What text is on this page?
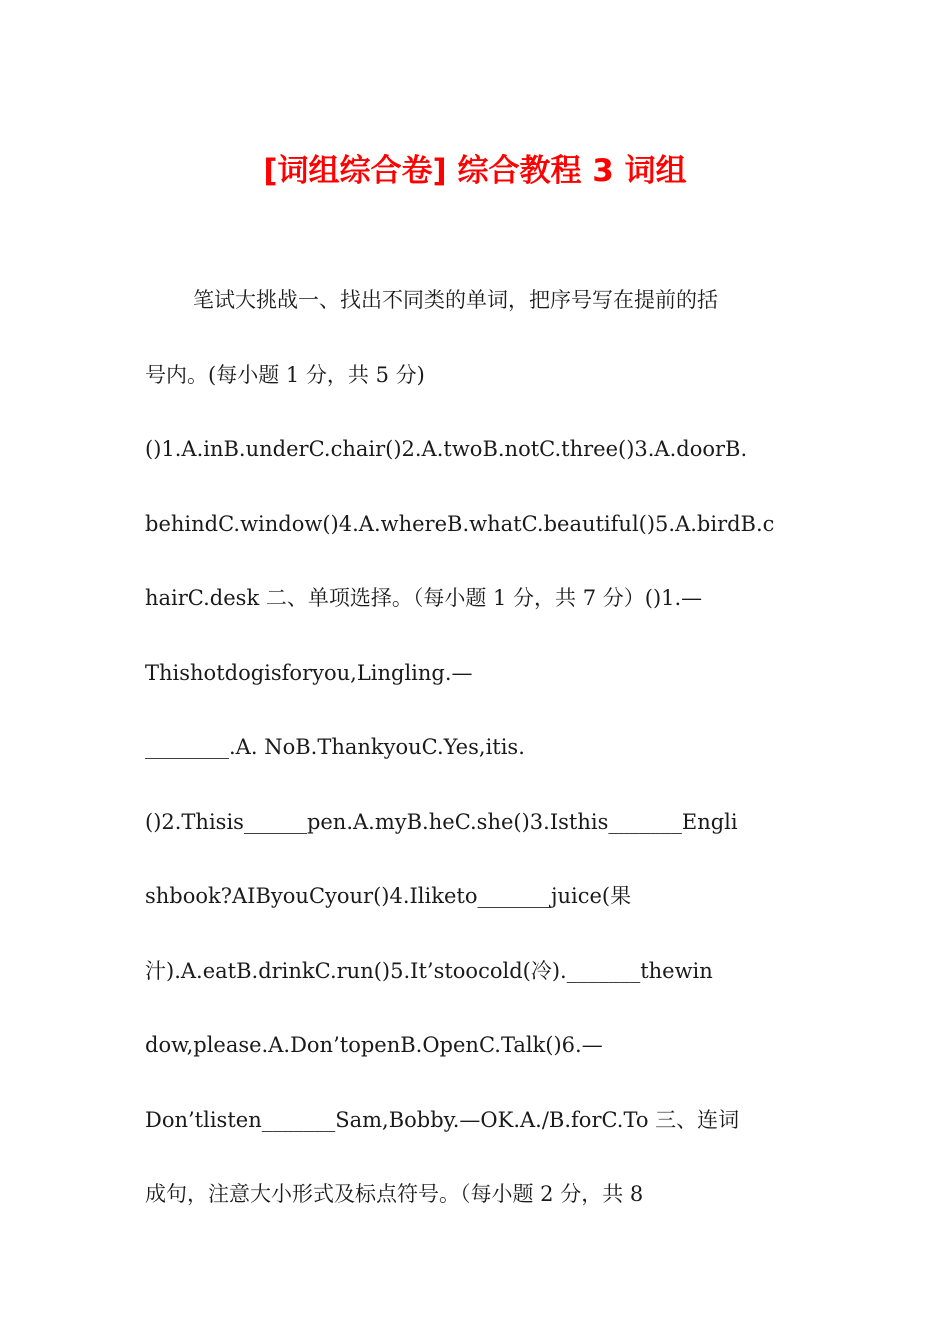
[词组综合卷] 综合教程 3 词组
笔试大挑战一、找出不同类的单词，把序号写在提前的括
号内。(每小题 1 分，共 5 分)
()1.A.inB.underC.chair()2.A.twoB.notC.three()3.A.doorB.
behindC.window()4.A.whereB.whatC.beautiful()5.A.birdB.c
hairC.desk 二、单项选择。（每小题 1 分，共 7 分）()1.—
Thishotdogisforyou,Lingling.—
________.A. NoB.ThankyouC.Yes,itis.
()2.Thisis______pen.A.myB.heC.she()3.Isthis_______Engli
shbook?AIByouCyour()4.Iliketo_______juice(果
汁).A.eatB.drinkC.run()5.It’stoocold(冷)._______thewin
dow,please.A.Don’topenB.OpenC.Talk()6.—
Don’tlisten_______Sam,Bobby.—OK.A./B.forC.To 三、连词
成句，注意大小形式及标点符号。（每小题 2 分，共 8
